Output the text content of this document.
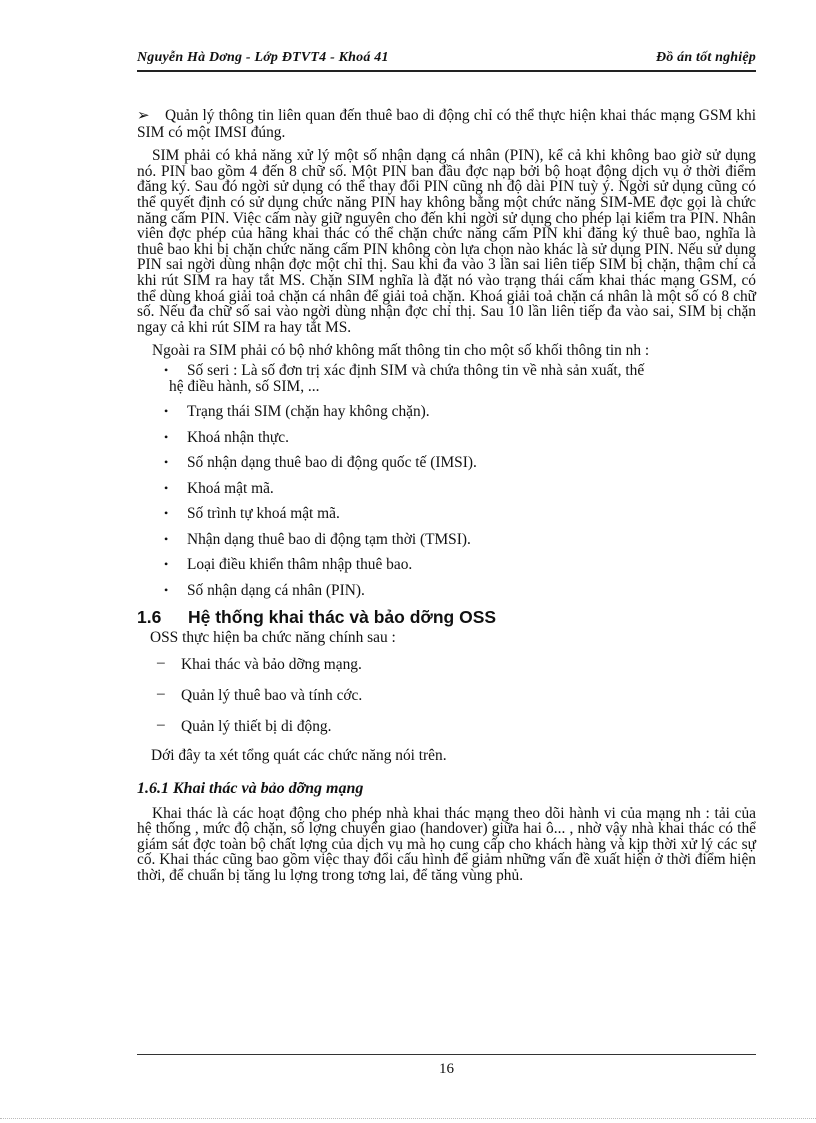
Nguyễn Hà Dơng - Lớp ĐTVT4 - Khoá 41	Đồ án tốt nghiệp

➢ Quản lý thông tin liên quan đến thuê bao di động chỉ có thể thực hiện khai thác mạng GSM khi SIM có một IMSI đúng.

SIM phải có khả năng xử lý một số nhận dạng cá nhân (PIN), kể cả khi không bao giờ sử dụng nó. PIN bao gồm 4 đến 8 chữ số. Một PIN ban đầu đợc nạp bởi bộ hoạt động dịch vụ ở thời điểm đăng ký. Sau đó ngời sử dụng có thể thay đổi PIN cũng nh độ dài PIN tuỳ ý. Ngời sử dụng cũng có thể quyết định có sử dụng chức năng PIN hay không bằng một chức năng SIM-ME đợc gọi là chức năng cấm PIN. Việc cấm này giữ nguyên cho đến khi ngời sử dụng cho phép lại kiểm tra PIN. Nhân viên đợc phép của hãng khai thác có thể chặn chức năng cấm PIN khi đăng ký thuê bao, nghĩa là thuê bao khi bị chặn chức năng cấm PIN không còn lựa chọn nào khác là sử dụng PIN. Nếu sử dụng PIN sai ngời dùng nhận đợc một chỉ thị. Sau khi đa vào 3 lần sai liên tiếp SIM bị chặn, thậm chí cả khi rút SIM ra hay tắt MS. Chặn SIM nghĩa là đặt nó vào trạng thái cấm khai thác mạng GSM, có thể dùng khoá giải toả chặn cá nhân để giải toả chặn. Khoá giải toả chặn cá nhân là một số có 8 chữ số. Nếu đa chữ số sai vào ngời dùng nhận đợc chỉ thị. Sau 10 lần liên tiếp đa vào sai, SIM bị chặn ngay cả khi rút SIM ra hay tắt MS.

Ngoài ra SIM phải có bộ nhớ không mất thông tin cho một số khối thông tin nh :

• Số seri : Là số đơn trị xác định SIM và chứa thông tin về nhà sản xuất, thế
hệ điều hành, số SIM, ...
• Trạng thái SIM (chặn hay không chặn).
• Khoá nhận thực.
• Số nhận dạng thuê bao di động quốc tế (IMSI).
• Khoá mật mã.
• Số trình tự khoá mật mã.
• Nhận dạng thuê bao di động tạm thời (TMSI).
• Loại điều khiển thâm nhập thuê bao.
• Số nhận dạng cá nhân (PIN).
1.6 Hệ thống khai thác và bảo dỡng OSS

OSS thực hiện ba chức năng chính sau :

– Khai thác và bảo dỡng mạng.
– Quản lý thuê bao và tính cớc.
– Quản lý thiết bị di động.

Dới đây ta xét tổng quát các chức năng nói trên.

1.6.1 Khai thác và bảo dỡng mạng

Khai thác là các hoạt động cho phép nhà khai thác mạng theo dõi hành vi của mạng nh : tải của hệ thống , mức độ chặn, số lợng chuyển giao (handover) giữa hai ô... , nhờ vậy nhà khai thác có thể giám sát đợc toàn bộ chất lợng của dịch vụ mà họ cung cấp cho khách hàng và kịp thời xử lý các sự cố. Khai thác cũng bao gồm việc thay đổi cấu hình để giảm những vấn đề xuất hiện ở thời điểm hiện thời, để chuẩn bị tăng lu lợng trong tơng lai, để tăng vùng phủ.

16
